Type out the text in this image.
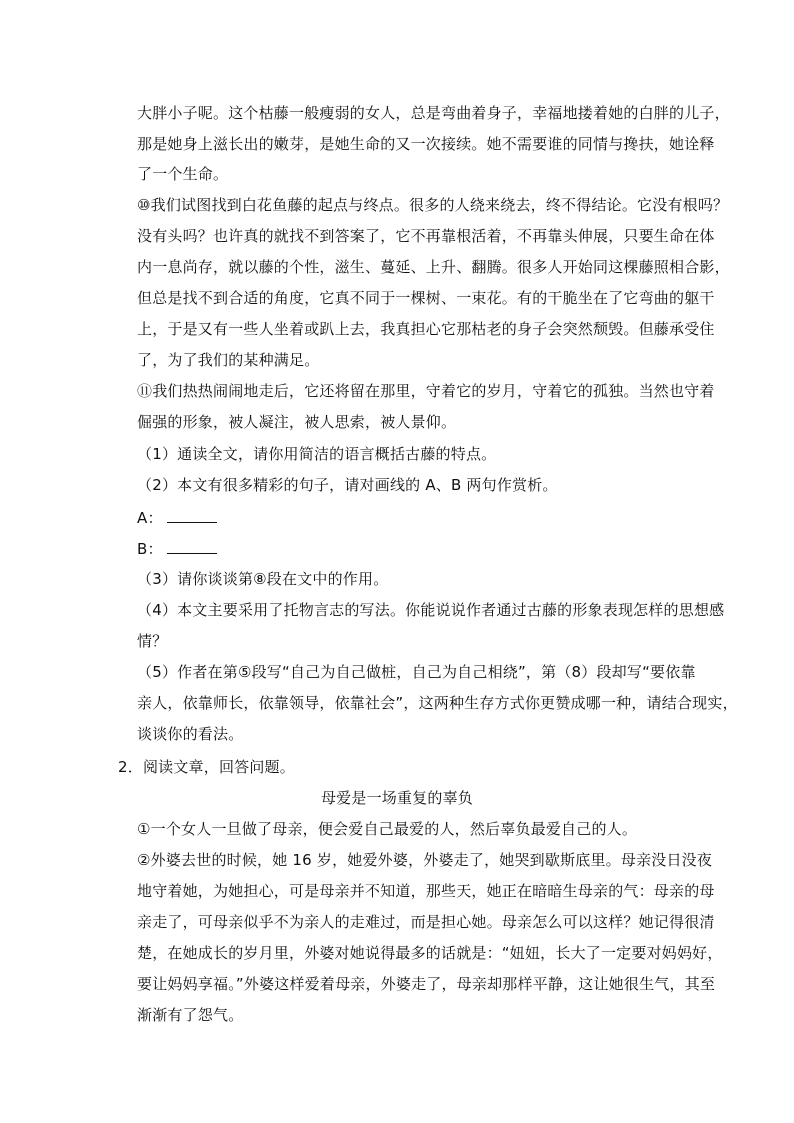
大胖小子呢。这个枯藤一般瘦弱的女人，总是弯曲着身子，幸福地搂着她的白胖的儿子，
那是她身上滋长出的嫩芽，是她生命的又一次接续。她不需要谁的同情与搀扶，她诠释
了一个生命。
⑩我们试图找到白花鱼藤的起点与终点。很多的人绕来绕去，终不得结论。它没有根吗？
没有头吗？也许真的就找不到答案了，它不再靠根活着，不再靠头伸展，只要生命在体
内一息尚存，就以藤的个性，滋生、蔓延、上升、翻腾。很多人开始同这棵藤照相合影，
但总是找不到合适的角度，它真不同于一棵树、一束花。有的干脆坐在了它弯曲的躯干
上，于是又有一些人坐着或趴上去，我真担心它那枯老的身子会突然颓毁。但藤承受住
了，为了我们的某种满足。
⑪我们热热闹闹地走后，它还将留在那里，守着它的岁月，守着它的孤独。当然也守着
倔强的形象，被人凝注，被人思索，被人景仰。
（1）通读全文，请你用简洁的语言概括古藤的特点。
（2）本文有很多精彩的句子，请对画线的 A、B 两句作赏析。
A：
B：
（3）请你谈谈第⑧段在文中的作用。
（4）本文主要采用了托物言志的写法。你能说说作者通过古藤的形象表现怎样的思想感
情？
（5）作者在第⑤段写“自己为自己做桩，自己为自己相绕”，第（8）段却写“要依靠
亲人，依靠师长，依靠领导，依靠社会”，这两种生存方式你更赞成哪一种，请结合现实，
谈谈你的看法。
2．阅读文章，回答问题。
母爱是一场重复的辜负
①一个女人一旦做了母亲，便会爱自己最爱的人，然后辜负最爱自己的人。
②外婆去世的时候，她 16 岁，她爱外婆，外婆走了，她哭到歇斯底里。母亲没日没夜
地守着她，为她担心，可是母亲并不知道，那些天，她正在暗暗生母亲的气：母亲的母
亲走了，可母亲似乎不为亲人的走难过，而是担心她。母亲怎么可以这样？她记得很清
楚，在她成长的岁月里，外婆对她说得最多的话就是：“妞妞，长大了一定要对妈妈好，
要让妈妈享福。”外婆这样爱着母亲，外婆走了，母亲却那样平静，这让她很生气，其至
渐渐有了怨气。
